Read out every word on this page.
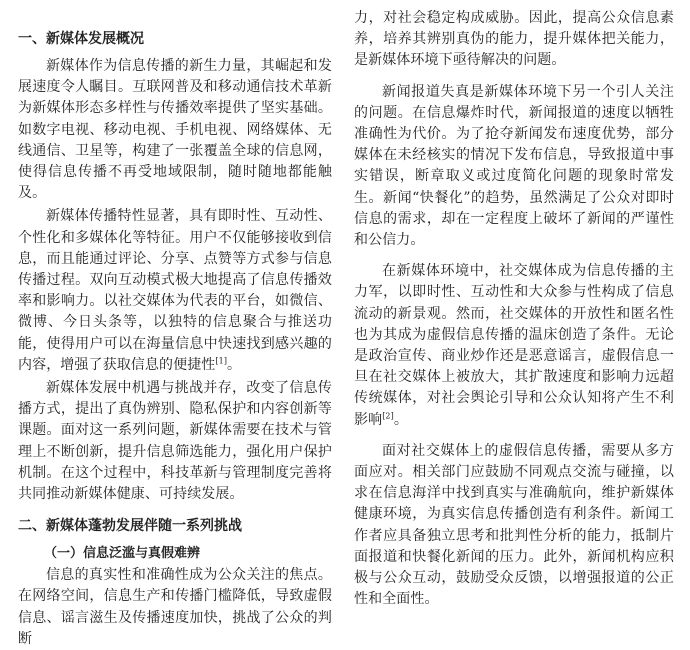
一、新媒体发展概况

新媒体作为信息传播的新生力量，其崛起和发展速度令人瞩目。互联网普及和移动通信技术革新为新媒体形态多样性与传播效率提供了坚实基础。如数字电视、移动电视、手机电视、网络媒体、无线通信、卫星等，构建了一张覆盖全球的信息网，使得信息传播不再受地域限制，随时随地都能触及。

新媒体传播特性显著，具有即时性、互动性、个性化和多媒体化等特征。用户不仅能够接收到信息，而且能通过评论、分享、点赞等方式参与信息传播过程。双向互动模式极大地提高了信息传播效率和影响力。以社交媒体为代表的平台，如微信、微博、今日头条等，以独特的信息聚合与推送功能，使得用户可以在海量信息中快速找到感兴趣的内容，增强了获取信息的便捷性[1]。

新媒体发展中机遇与挑战并存，改变了信息传播方式，提出了真伪辨别、隐私保护和内容创新等课题。面对这一系列问题，新媒体需要在技术与管理上不断创新，提升信息筛选能力，强化用户保护机制。在这个过程中，科技革新与管理制度完善将共同推动新媒体健康、可持续发展。

二、新媒体蓬勃发展伴随一系列挑战
（一）信息泛滥与真假难辨

信息的真实性和准确性成为公众关注的焦点。在网络空间，信息生产和传播门槛降低，导致虚假信息、谣言滋生及传播速度加快，挑战了公众的判断

力，对社会稳定构成威胁。因此，提高公众信息素养，培养其辨别真伪的能力，提升媒体把关能力，是新媒体环境下亟待解决的问题。

新闻报道失真是新媒体环境下另一个引人关注的问题。在信息爆炸时代，新闻报道的速度以牺牲准确性为代价。为了抢夺新闻发布速度优势，部分媒体在未经核实的情况下发布信息，导致报道中事实错误，断章取义或过度简化问题的现象时常发生。新闻“快餐化”的趋势，虽然满足了公众对即时信息的需求，却在一定程度上破坏了新闻的严谨性和公信力。

在新媒体环境中，社交媒体成为信息传播的主力军，以即时性、互动性和大众参与性构成了信息流动的新景观。然而，社交媒体的开放性和匿名性也为其成为虚假信息传播的温床创造了条件。无论是政治宣传、商业炒作还是恶意谣言，虚假信息一旦在社交媒体上被放大，其扩散速度和影响力远超传统媒体，对社会舆论引导和公众认知将产生不利影响[2]。

面对社交媒体上的虚假信息传播，需要从多方面应对。相关部门应鼓励不同观点交流与碰撞，以求在信息海洋中找到真实与准确航向，维护新媒体健康环境，为真实信息传播创造有利条件。新闻工作者应具备独立思考和批判性分析的能力，抵制片面报道和快餐化新闻的压力。此外，新闻机构应积极与公众互动，鼓励受众反馈，以增强报道的公正性和全面性。
